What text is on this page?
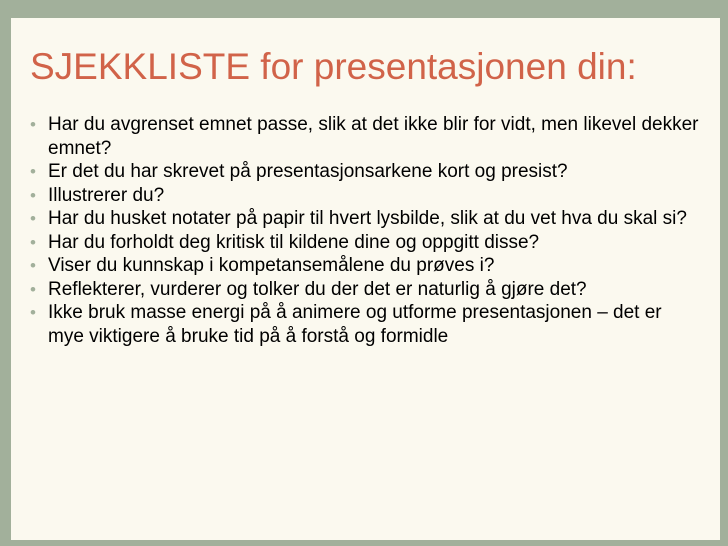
SJEKKLISTE for presentasjonen din:
• Har du avgrenset emnet passe, slik at det ikke blir for vidt, men likevel dekker emnet?
• Er det du har skrevet på presentasjonsarkene kort og presist?
• Illustrerer du?
• Har du husket notater på papir til hvert lysbilde, slik at du vet hva du skal si?
• Har du forholdt deg kritisk til kildene dine og oppgitt disse?
• Viser du kunnskap i kompetansemålene du prøves i?
• Reflekterer, vurderer og tolker du der det er naturlig å gjøre det?
• Ikke bruk masse energi på å animere og utforme presentasjonen – det er mye viktigere å bruke tid på å forstå og formidle
